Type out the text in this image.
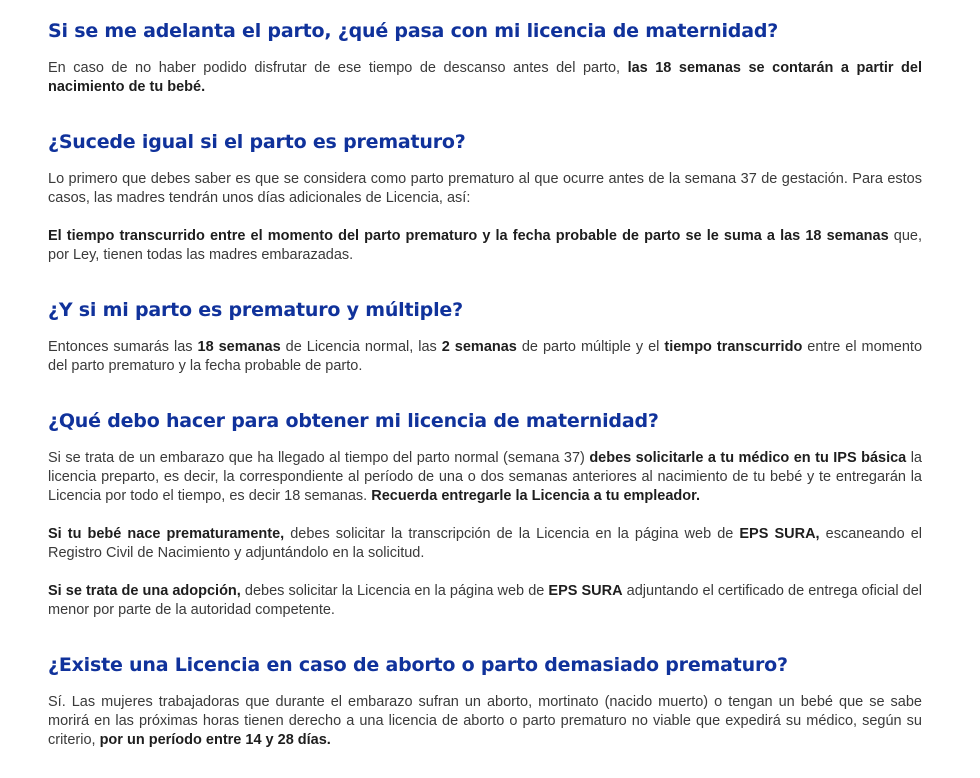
Si se me adelanta el parto, ¿qué pasa con mi licencia de maternidad?

En caso de no haber podido disfrutar de ese tiempo de descanso antes del parto, las 18 semanas se contarán a partir del nacimiento de tu bebé.

¿Sucede igual si el parto es prematuro?

Lo primero que debes saber es que se considera como parto prematuro al que ocurre antes de la semana 37 de gestación. Para estos casos, las madres tendrán unos días adicionales de Licencia, así:

El tiempo transcurrido entre el momento del parto prematuro y la fecha probable de parto se le suma a las 18 semanas que, por Ley, tienen todas las madres embarazadas.

¿Y si mi parto es prematuro y múltiple?

Entonces sumarás las 18 semanas de Licencia normal, las 2 semanas de parto múltiple y el tiempo transcurrido entre el momento del parto prematuro y la fecha probable de parto.

¿Qué debo hacer para obtener mi licencia de maternidad?

Si se trata de un embarazo que ha llegado al tiempo del parto normal (semana 37) debes solicitarle a tu médico en tu IPS básica la licencia preparto, es decir, la correspondiente al período de una o dos semanas anteriores al nacimiento de tu bebé y te entregarán la Licencia por todo el tiempo, es decir 18 semanas. Recuerda entregarle la Licencia a tu empleador.

Si tu bebé nace prematuramente, debes solicitar la transcripción de la Licencia en la página web de EPS SURA, escaneando el Registro Civil de Nacimiento y adjuntándolo en la solicitud.

Si se trata de una adopción, debes solicitar la Licencia en la página web de EPS SURA adjuntando el certificado de entrega oficial del menor por parte de la autoridad competente.

¿Existe una Licencia en caso de aborto o parto demasiado prematuro?

Sí. Las mujeres trabajadoras que durante el embarazo sufran un aborto, mortinato (nacido muerto) o tengan un bebé que se sabe morirá en las próximas horas tienen derecho a una licencia de aborto o parto prematuro no viable que expedirá su médico, según su criterio, por un período entre 14 y 28 días.
